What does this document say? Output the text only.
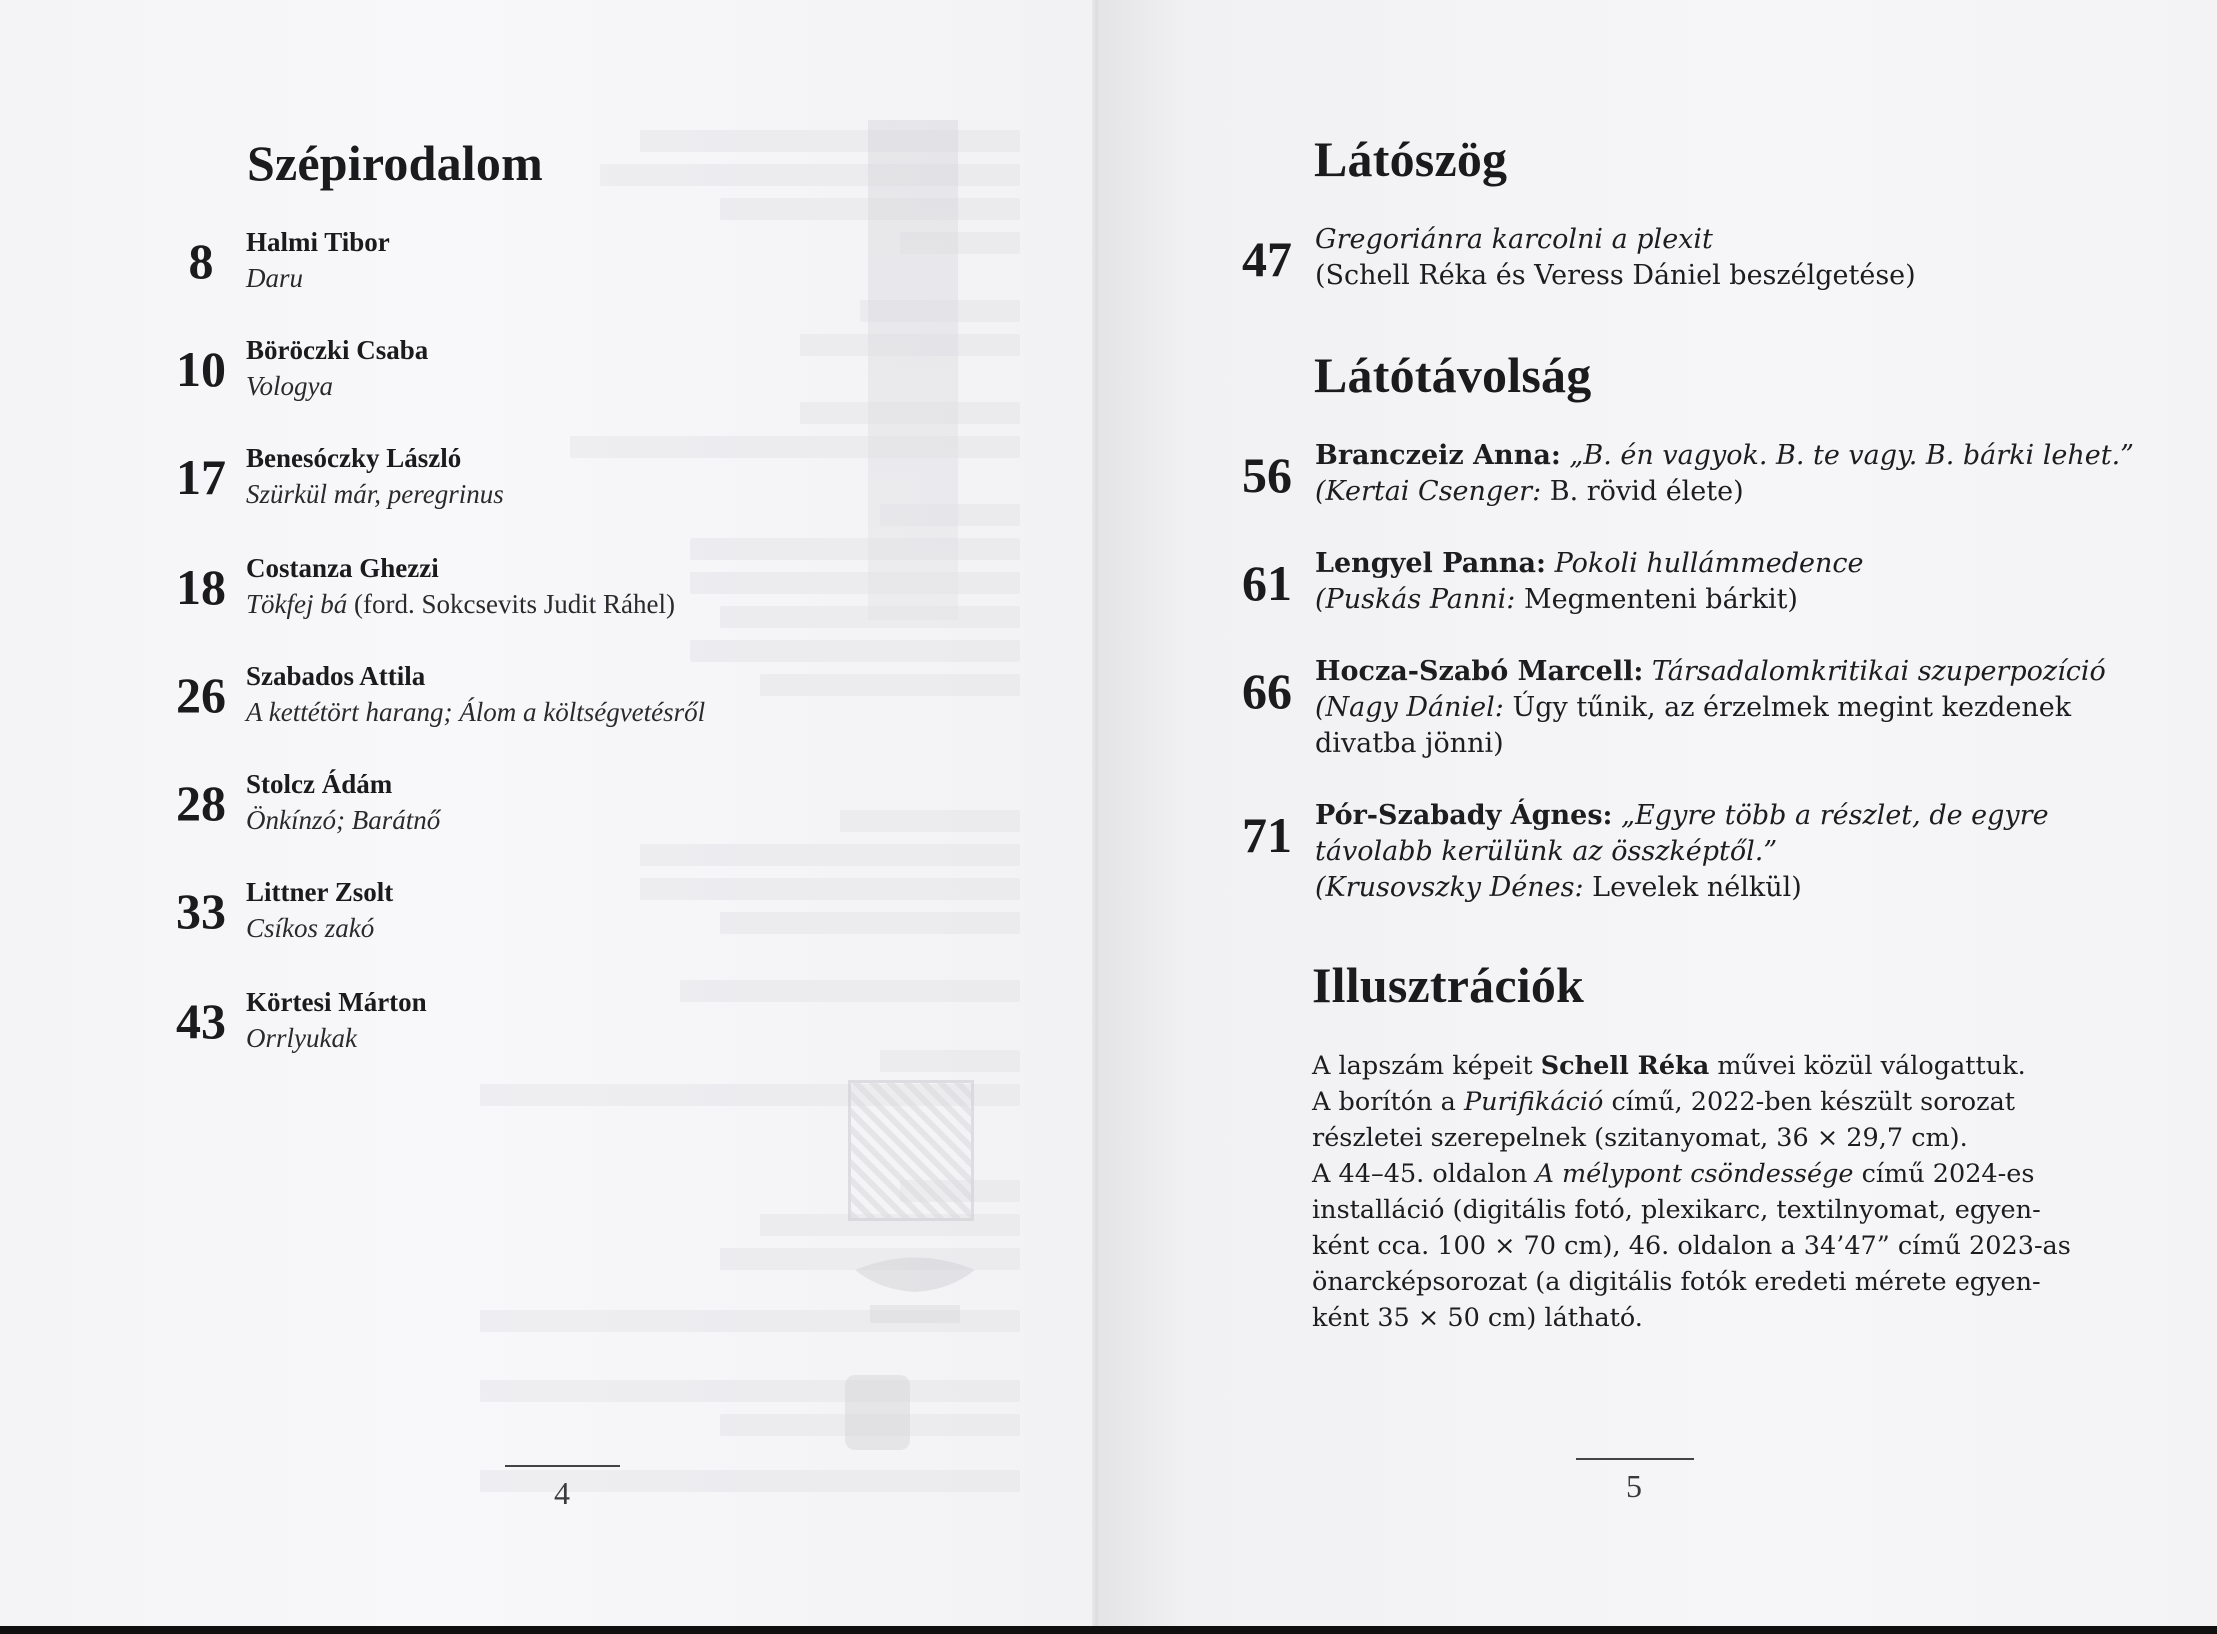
Szépirodalom
8	Halmi Tibor
Daru
10 Böröczki Csaba
Vologya
17 Benesóczky László
Szürkül már, peregrinus
18 Costanza Ghezzi
Tökfej bá (ford. Sokcsevits Judit Ráhel)
26 Szabados Attila
A kettétört harang; Álom a költségvetésről
28 Stolcz Ádám
Önkínzó; Barátnő
33 Littner Zsolt
Csíkos zakó
43 Körtesi Márton
Orrlyukak
4
Látószög
47 Gregoriánra karcolni a plexit
(Schell Réka és Veress Dániel beszélgetése)
Látótávolság
56 Branczeiz Anna: „B. én vagyok. B. te vagy. B. bárki lehet.”
(Kertai Csenger: B. rövid élete)
61 Lengyel Panna: Pokoli hullámmedence
(Puskás Panni: Megmenteni bárkit)
66 Hocza-Szabó Marcell: Társadalomkritikai szuperpozíció
(Nagy Dániel: Úgy tűnik, az érzelmek megint kezdenek
divatba jönni)
71 Pór-Szabady Ágnes: „Egyre több a részlet, de egyre
távolabb kerülünk az összképtől.”
(Krusovszky Dénes: Levelek nélkül)
Illusztrációk
A lapszám képeit Schell Réka művei közül válogattuk.
A borítón a Purifikáció című, 2022-ben készült sorozat
részletei szerepelnek (szitanyomat, 36 × 29,7 cm).
A 44–45. oldalon A mélypont csöndessége című 2024-es
installáció (digitális fotó, plexikarc, textilnyomat, egyen-
ként cca. 100 × 70 cm), 46. oldalon a 34’47” című 2023-as
önarcképsorozat (a digitális fotók eredeti mérete egyen-
ként 35 × 50 cm) látható.
5
